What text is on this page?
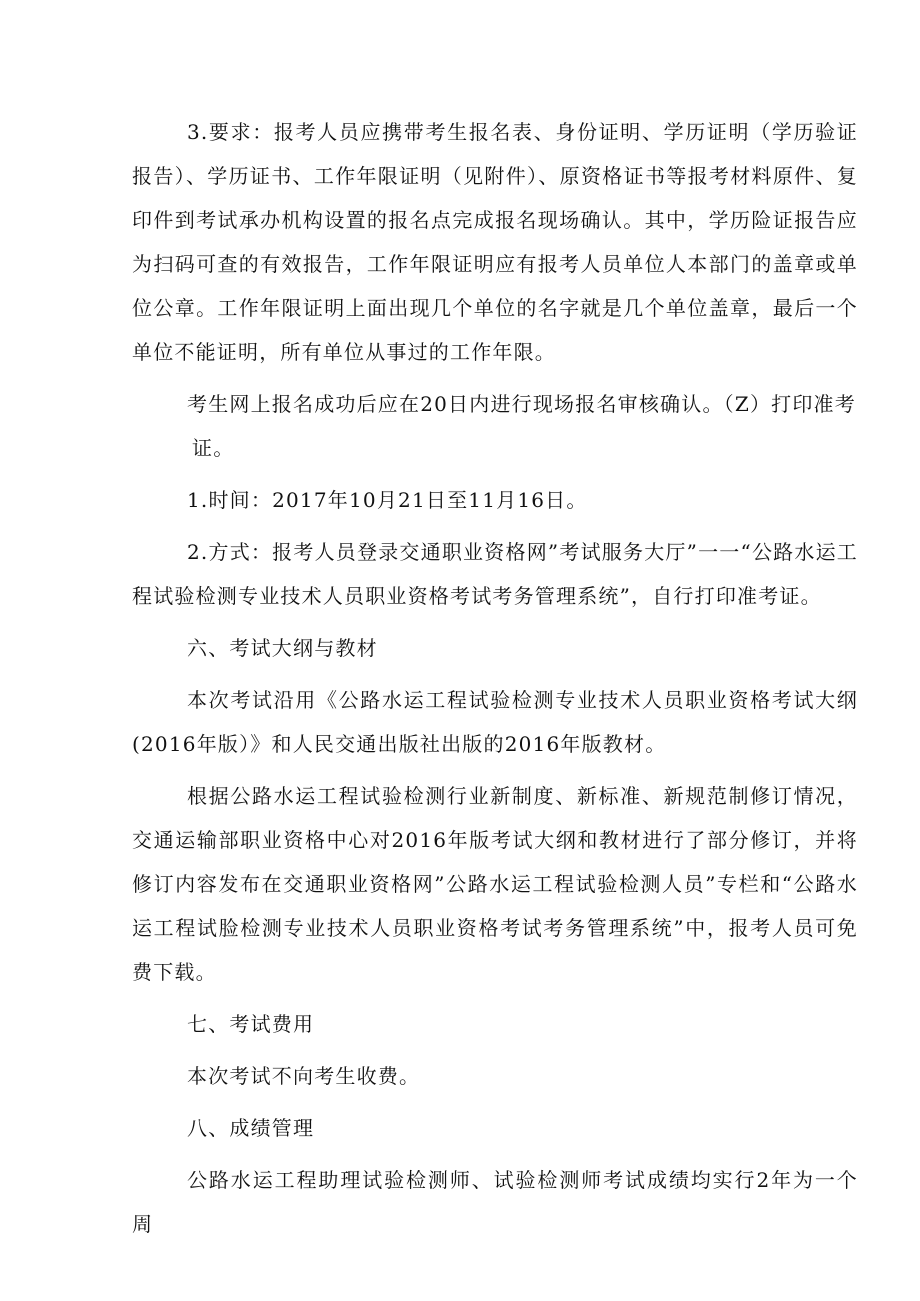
3.要求：报考人员应携带考生报名表、身份证明、学历证明（学历验证报告）、学历证书、工作年限证明（见附件）、原资格证书等报考材料原件、复印件到考试承办机构设置的报名点完成报名现场确认。其中，学历险证报告应为扫码可查的有效报告，工作年限证明应有报考人员单位人本部门的盖章或单位公章。工作年限证明上面出现几个单位的名字就是几个单位盖章，最后一个单位不能证明，所有单位从事过的工作年限。

考生网上报名成功后应在20日内进行现场报名审核确认。（Z）打印准考

证。

1.时间：2017年10月21日至11月16日。

2.方式：报考人员登录交通职业资格网”考试服务大厅”一一“公路水运工程试验检测专业技术人员职业资格考试考务管理系统”，自行打印准考证。

六、考试大纲与教材

本次考试沿用《公路水运工程试验检测专业技术人员职业资格考试大纲(2016年版）》和人民交通出版社出版的2016年版教材。

根据公路水运工程试验检测行业新制度、新标准、新规范制修订情况，交通运输部职业资格中心对2016年版考试大纲和教材进行了部分修订，并将修订内容发布在交通职业资格网”公路水运工程试验检测人员”专栏和“公路水运工程试脸检测专业技术人员职业资格考试考务管理系统”中，报考人员可免费下载。

七、考试费用

本次考试不向考生收费。

八、成绩管理

公路水运工程助理试验检测师、试验检测师考试成绩均实行2年为一个周
